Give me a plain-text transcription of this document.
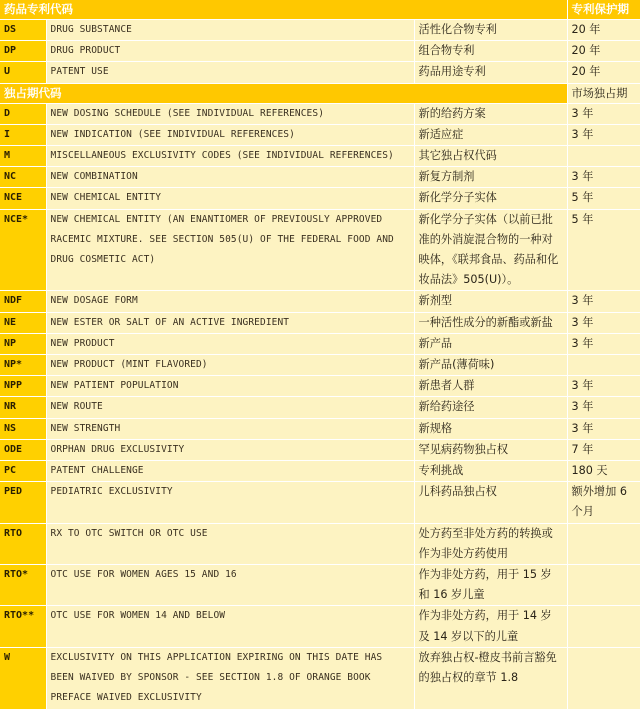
药品专利代码			专利保护期
DS	DRUG SUBSTANCE	活性化合物专利	20 年
DP	DRUG PRODUCT	组合物专利	20 年
U	PATENT USE	药品用途专利	20 年
独占期代码			市场独占期
D	NEW DOSING SCHEDULE (SEE INDIVIDUAL REFERENCES)	新的给药方案	3 年
I	NEW INDICATION (SEE INDIVIDUAL REFERENCES)	新适应症	3 年
M	MISCELLANEOUS EXCLUSIVITY CODES (SEE INDIVIDUAL REFERENCES)	其它独占权代码	
NC	NEW COMBINATION	新复方制剂	3 年
NCE	NEW CHEMICAL ENTITY	新化学分子实体	5 年
NCE*	NEW CHEMICAL ENTITY (AN ENANTIOMER OF PREVIOUSLY APPROVED RACEMIC MIXTURE. SEE SECTION 505(U) OF THE FEDERAL FOOD AND DRUG COSMETIC ACT)	新化学分子实体（以前已批准的外消旋混合物的一种对映体，《联邦食品、药品和化妆品法》505(U)）。	5 年
NDF	NEW DOSAGE FORM	新剂型	3 年
NE	NEW ESTER OR SALT OF AN ACTIVE INGREDIENT	一种活性成分的新酯或新盐	3 年
NP	NEW PRODUCT	新产品	3 年
NP*	NEW PRODUCT (MINT FLAVORED)	新产品(薄荷味)	
NPP	NEW PATIENT POPULATION	新患者人群	3 年
NR	NEW ROUTE	新给药途径	3 年
NS	NEW STRENGTH	新规格	3 年
ODE	ORPHAN DRUG EXCLUSIVITY	罕见病药物独占权	7 年
PC	PATENT CHALLENGE	专利挑战	180 天
PED	PEDIATRIC EXCLUSIVITY	儿科药品独占权	额外增加 6 个月
RTO	RX TO OTC SWITCH OR OTC USE	处方药至非处方药的转换或作为非处方药使用	
RTO*	OTC USE FOR WOMEN AGES 15 AND 16	作为非处方药，用于 15 岁和 16 岁儿童	
RTO**	OTC USE FOR WOMEN 14 AND BELOW	作为非处方药，用于 14 岁及 14 岁以下的儿童	
W	EXCLUSIVITY ON THIS APPLICATION EXPIRING ON THIS DATE HAS BEEN WAIVED BY SPONSOR - SEE SECTION 1.8 OF ORANGE BOOK PREFACE WAIVED EXCLUSIVITY	放弃独占权-橙皮书前言豁免的独占权的章节 1.8	
